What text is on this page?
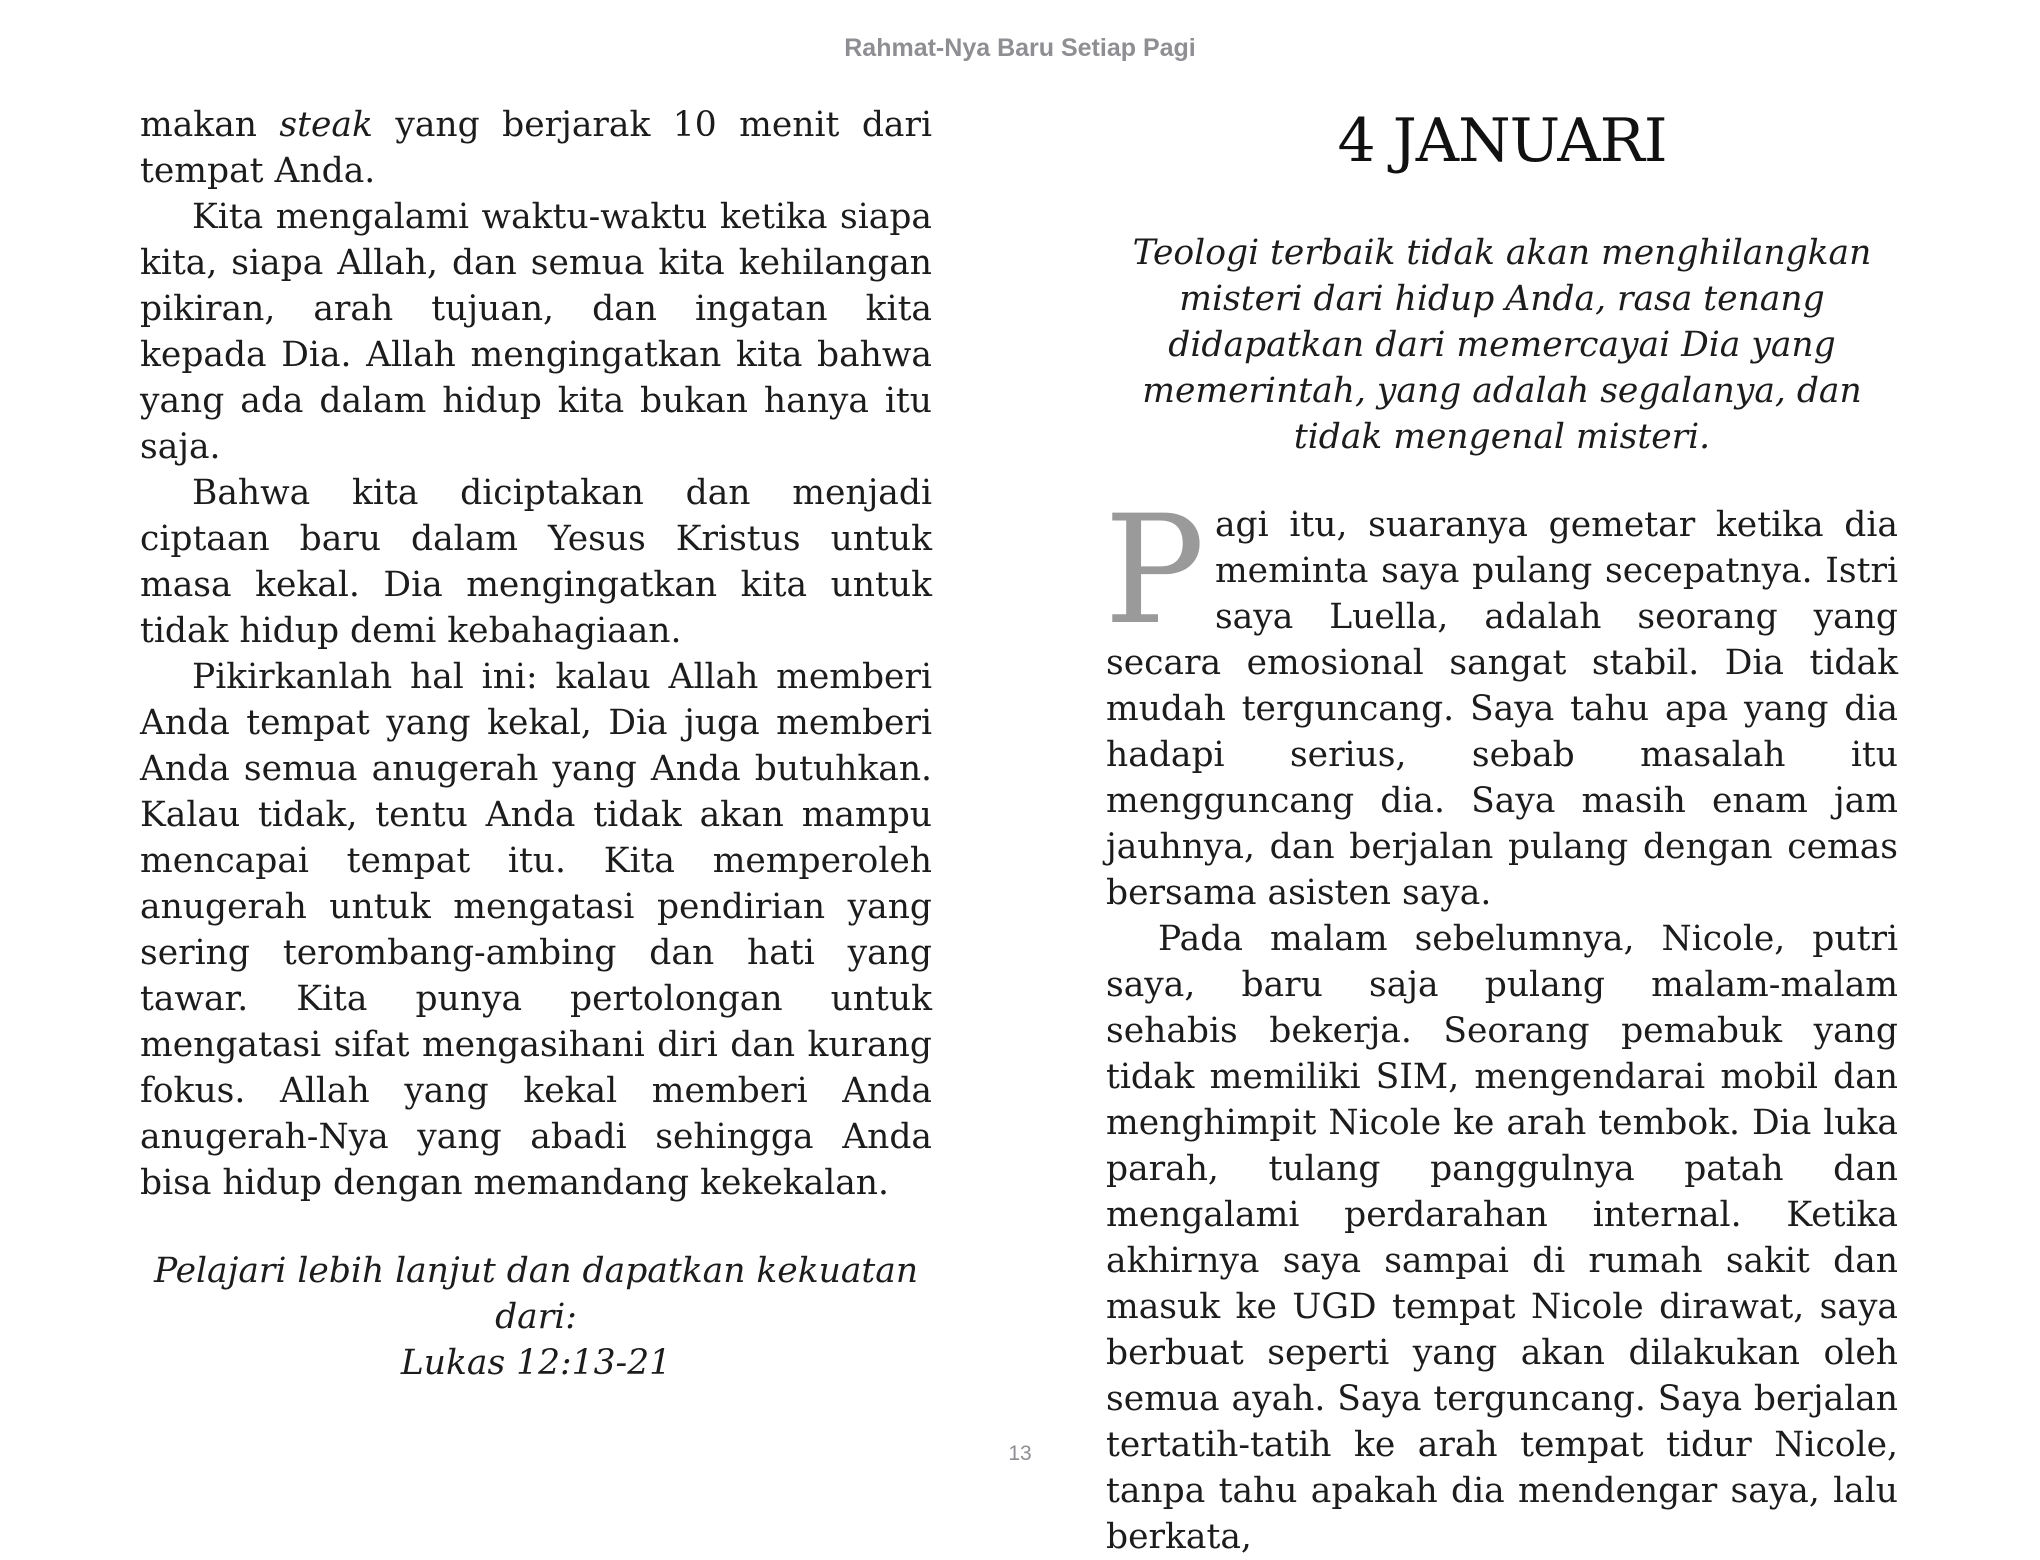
Rahmat-Nya Baru Setiap Pagi

makan steak yang berjarak 10 menit dari tempat Anda.

Kita mengalami waktu-waktu ketika siapa kita, siapa Allah, dan semua kita kehilangan pikiran, arah tujuan, dan ingatan kita kepada Dia. Allah mengingatkan kita bahwa yang ada dalam hidup kita bukan hanya itu saja.

Bahwa kita diciptakan dan menjadi ciptaan baru dalam Yesus Kristus untuk masa kekal. Dia mengingatkan kita untuk tidak hidup demi kebahagiaan.

Pikirkanlah hal ini: kalau Allah memberi Anda tempat yang kekal, Dia juga memberi Anda semua anugerah yang Anda butuhkan. Kalau tidak, tentu Anda tidak akan mampu mencapai tempat itu. Kita memperoleh anugerah untuk mengatasi pendirian yang sering terombang-ambing dan hati yang tawar. Kita punya pertolongan untuk mengatasi sifat mengasihani diri dan kurang fokus. Allah yang kekal memberi Anda anugerah-Nya yang abadi sehingga Anda bisa hidup dengan memandang kekekalan.

Pelajari lebih lanjut dan dapatkan kekuatan dari:
Lukas 12:13-21
4 JANUARI
Teologi terbaik tidak akan menghilangkan misteri dari hidup Anda, rasa tenang didapatkan dari memercayai Dia yang memerintah, yang adalah segalanya, dan tidak mengenal misteri.

Pagi itu, suaranya gemetar ketika dia meminta saya pulang secepatnya. Istri saya Luella, adalah seorang yang secara emosional sangat stabil. Dia tidak mudah terguncang. Saya tahu apa yang dia hadapi serius, sebab masalah itu mengguncang dia. Saya masih enam jam jauhnya, dan berjalan pulang dengan cemas bersama asisten saya.

Pada malam sebelumnya, Nicole, putri saya, baru saja pulang malam-malam sehabis bekerja. Seorang pemabuk yang tidak memiliki SIM, mengendarai mobil dan menghimpit Nicole ke arah tembok. Dia luka parah, tulang panggulnya patah dan mengalami perdarahan internal. Ketika akhirnya saya sampai di rumah sakit dan masuk ke UGD tempat Nicole dirawat, saya berbuat seperti yang akan dilakukan oleh semua ayah. Saya terguncang. Saya berjalan tertatih-tatih ke arah tempat tidur Nicole, tanpa tahu apakah dia mendengar saya, lalu berkata,

13
